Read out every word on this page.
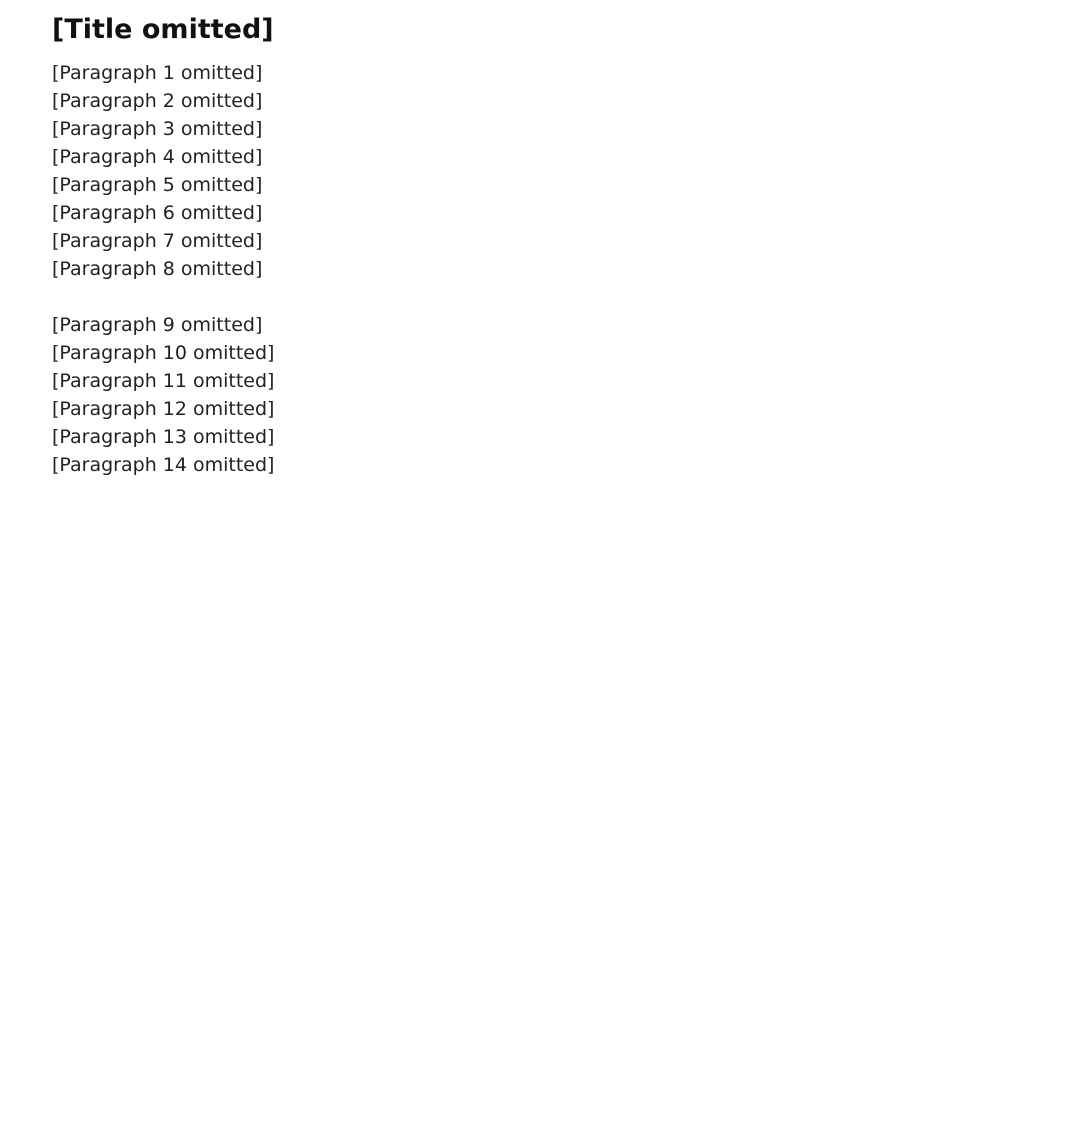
[Title omitted]

[Paragraph 1 omitted]

[Paragraph 2 omitted]

[Paragraph 3 omitted]

[Paragraph 4 omitted]

[Paragraph 5 omitted]

[Paragraph 6 omitted]

[Paragraph 7 omitted]

[Paragraph 8 omitted]

[Paragraph 9 omitted]

[Paragraph 10 omitted]

[Paragraph 11 omitted]

[Paragraph 12 omitted]

[Paragraph 13 omitted]

[Paragraph 14 omitted]
